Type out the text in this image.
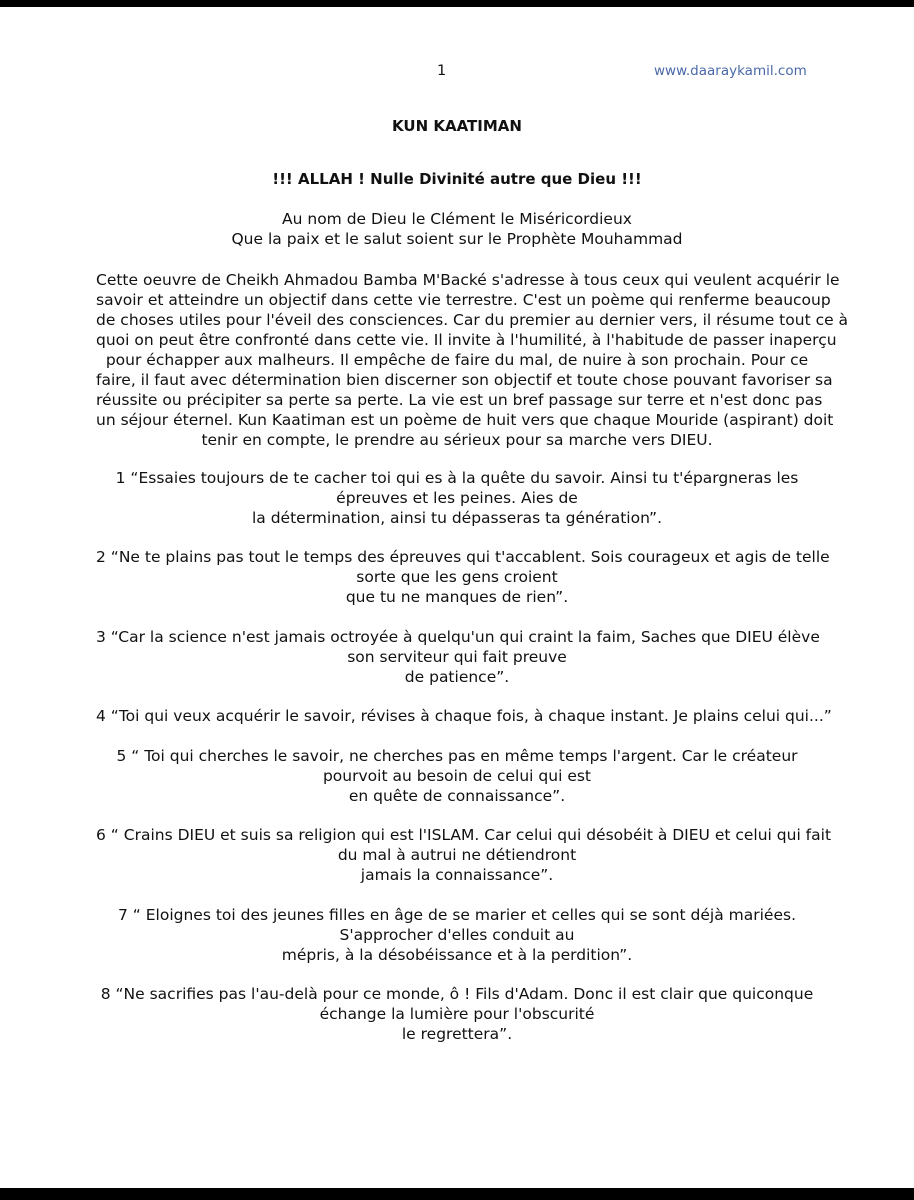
1	www.daaraykamil.com
KUN KAATIMAN
!!! ALLAH ! Nulle Divinité autre que Dieu !!!
Au nom de Dieu le Clément le Miséricordieux
Que la paix et le salut soient sur le Prophète Mouhammad
Cette oeuvre de Cheikh Ahmadou Bamba M'Backé s'adresse à tous ceux qui veulent acquérir le
savoir et atteindre un objectif dans cette vie terrestre. C'est un poème qui renferme beaucoup
de choses utiles pour l'éveil des consciences. Car du premier au dernier vers, il résume tout ce à
quoi on peut être confronté dans cette vie. Il invite à l'humilité, à l'habitude de passer inaperçu
pour échapper aux malheurs. Il empêche de faire du mal, de nuire à son prochain. Pour ce
faire, il faut avec détermination bien discerner son objectif et toute chose pouvant favoriser sa
réussite ou précipiter sa perte sa perte. La vie est un bref passage sur terre et n'est donc pas
un séjour éternel. Kun Kaatiman est un poème de huit vers que chaque Mouride (aspirant) doit
tenir en compte, le prendre au sérieux pour sa marche vers DIEU.
1 “Essaies toujours de te cacher toi qui es à la quête du savoir. Ainsi tu t'épargneras les
épreuves et les peines. Aies de
la détermination, ainsi tu dépasseras ta génération”.
2 “Ne te plains pas tout le temps des épreuves qui t'accablent. Sois courageux et agis de telle
sorte que les gens croient
que tu ne manques de rien”.
3 “Car la science n'est jamais octroyée à quelqu'un qui craint la faim, Saches que DIEU élève
son serviteur qui fait preuve
de patience”.
4 “Toi qui veux acquérir le savoir, révises à chaque fois, à chaque instant. Je plains celui qui...”
5 “ Toi qui cherches le savoir, ne cherches pas en même temps l'argent. Car le créateur
pourvoit au besoin de celui qui est
en quête de connaissance”.
6 “ Crains DIEU et suis sa religion qui est l'ISLAM. Car celui qui désobéit à DIEU et celui qui fait
du mal à autrui ne détiendront
jamais la connaissance”.
7 “ Eloignes toi des jeunes filles en âge de se marier et celles qui se sont déjà mariées.
S'approcher d'elles conduit au
mépris, à la désobéissance et à la perdition”.
8 “Ne sacrifies pas l'au-delà pour ce monde, ô ! Fils d'Adam. Donc il est clair que quiconque
échange la lumière pour l'obscurité
le regrettera”.
